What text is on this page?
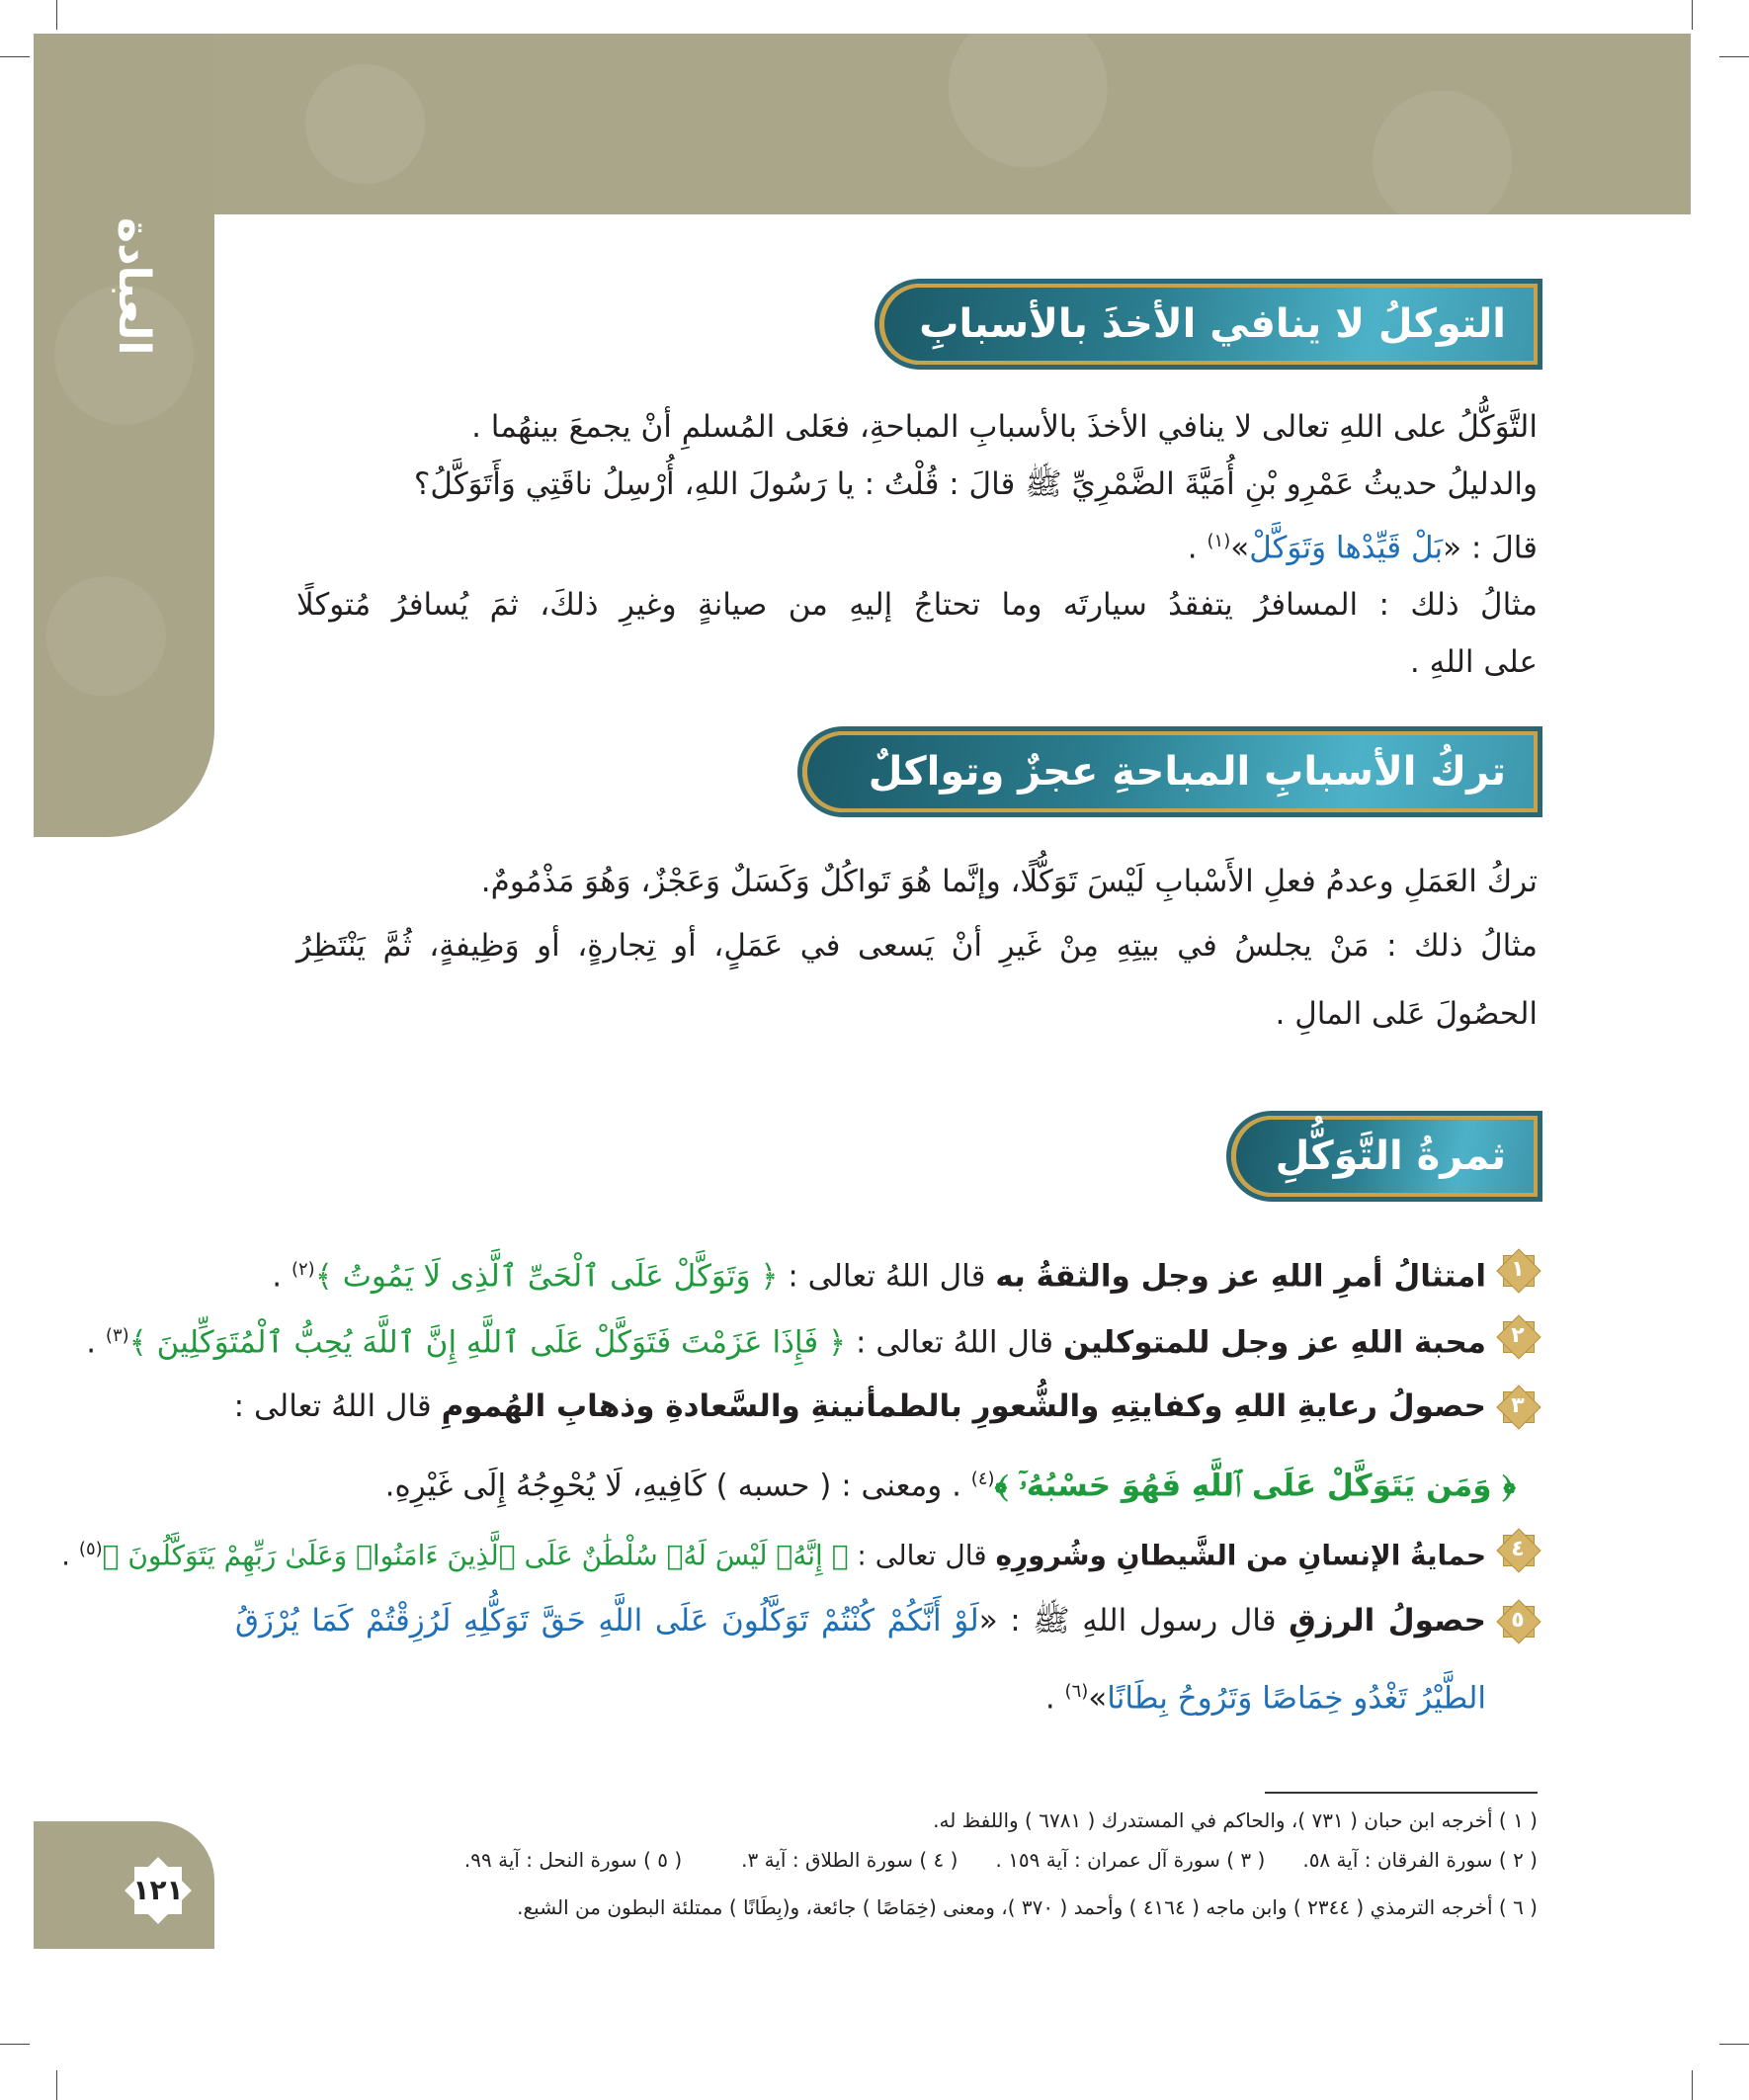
العبادة	التوكلُ لا ينافي الأخذَ بالأسبابِ
التَّوَكُّلُ على اللهِ تعالى لا ينافي الأخذَ بالأسبابِ المباحةِ، فعَلى المُسلمِ أنْ يجمعَ بينهُما .
والدليلُ حديثُ عَمْرِو بْنِ أُمَيَّةَ الضَّمْرِيِّ ﷺ قالَ : قُلْتُ : يا رَسُولَ اللهِ، أُرْسِلُ ناقَتِي وَأَتَوَكَّلُ؟
قالَ : «بَلْ قَيِّدْها وَتَوَكَّلْ»$^{(١)}$ .
مثالُ ذلك : المسافرُ يتفقدُ سيارتَه وما تحتاجُ إليهِ من صيانةٍ وغيرِ ذلكَ، ثمَ يُسافرُ مُتوكلًا
على اللهِ .
تركُ الأسبابِ المباحةِ عجزٌ وتواكلٌ
تركُ العَمَلِ وعدمُ فعلِ الأَسْبابِ لَيْسَ تَوَكُّلًا، وإنَّما هُوَ تَواكُلٌ وَكَسَلٌ وَعَجْزٌ، وَهُوَ مَذْمُومٌ.
مثالُ ذلك : مَنْ يجلسُ في بيتِهِ مِنْ غَيرِ أنْ يَسعى في عَمَلٍ، أو تِجارةٍ، أو وَظِيفةٍ، ثُمَّ يَنْتَظِرُ
الحصُولَ عَلى المالِ .
ثمرةُ التَّوَكُّلِ
١
امتثالُ أمرِ اللهِ عز وجل والثقةُ به قال اللهُ تعالى : ﴿ وَتَوَكَّلْ عَلَى ٱلْحَىِّ ٱلَّذِى لَا يَمُوتُ ﴾$^{(٢)}$ .
٢
محبة اللهِ عز وجل للمتوكلين قال اللهُ تعالى : ﴿ فَإِذَا عَزَمْتَ فَتَوَكَّلْ عَلَى ٱللَّهِ إِنَّ ٱللَّهَ يُحِبُّ ٱلْمُتَوَكِّلِينَ ﴾$^{(٣)}$ .
٣
حصولُ رعايةِ اللهِ وكفايتِهِ والشُّعورِ بالطمأنينةِ والسَّعادةِ وذهابِ الهُمومِ قال اللهُ تعالى :
﴿ وَمَن يَتَوَكَّلْ عَلَى ٱللَّهِ فَهُوَ حَسْبُهُۥٓ ﴾$^{(٤)}$ . ومعنى : ( حسبه ) كَافِيهِ، لَا يُحْوِجُهُ إِلَى غَيْرِهِ.
٤
حمايةُ الإنسانِ من الشَّيطانِ وشُرورِهِ قال تعالى : ﴿ إِنَّهُۥ لَيْسَ لَهُۥ سُلْطَٰنٌ عَلَى ٱلَّذِينَ ءَامَنُوا۟ وَعَلَىٰ رَبِّهِمْ يَتَوَكَّلُونَ ﴾$^{(٥)}$ .
٥
حصولُ الرزقِ قال رسول اللهِ ﷺ : «لَوْ أَنَّكُمْ كُنْتُمْ تَوَكَّلُونَ عَلَى اللَّهِ حَقَّ تَوَكُّلِهِ لَرُزِقْتُمْ كَمَا يُرْزَقُ
الطَّيْرُ تَغْدُو خِمَاصًا وَتَرُوحُ بِطَانًا»$^{(٦)}$ .
( ١ ) أخرجه ابن حبان ( ٧٣١ )، والحاكم في المستدرك ( ٦٧٨١ ) واللفظ له.
( ٢ ) سورة الفرقان : آية ٥٨.( ٣ ) سورة آل عمران : آية ١٥٩ .( ٤ ) سورة الطلاق : آية ٣.( ٥ ) سورة النحل : آية ٩٩.
( ٦ ) أخرجه الترمذي ( ٢٣٤٤ ) وابن ماجه ( ٤١٦٤ ) وأحمد ( ٣٧٠ )، ومعنى (خِمَاصًا ) جائعة، و(بِطَانًا ) ممتلئة البطون من الشبع.
١٢١
